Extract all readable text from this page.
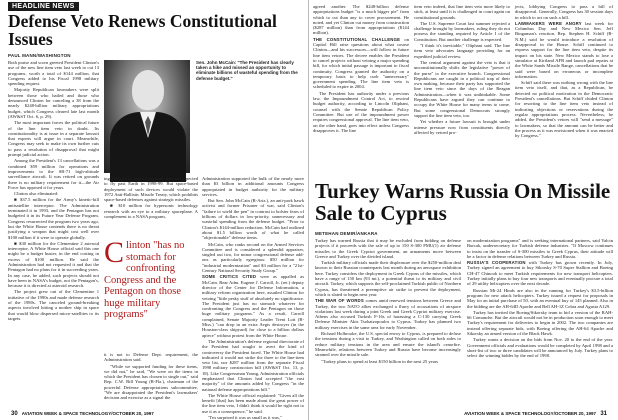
HEADLINE NEWS
Defense Veto Renews Constitutional Issues
PAUL MANN/WASHINGTON

Both praise and scorn greeted President Clinton's use of the new line item veto last week to cut 13 programs, worth a total of $144 million, that Congress added to his Fiscal 1998 military spending request.

Majority Republican lawmakers were split between those who hailed and those who denounced Clinton for canceling a 38 from the nearly $248-billion military appropriations budget, which Congress cleared late last month (AW&ST Oct. 6, p. 29).

The most important forces the political future of the line item veto in doubt. Its constitutionality is at issue in a separate lawsuit that experts will argue in court. Meanwhile, Congress may seek to make its own further cuts to pass a resolution of disapproval that might prompt judicial action.

Among the President's 13 cancellations was a combined $59 million for operations and improvements to the SR-71 high-altitude surveillance aircraft. It was retired on grounds there is no military requirement for it—the Air Force has opposed it for years.

Clinton also eliminated:

■ $37.5 million for the Army's kinetic-kill antisatellite interceptor. The Administration terminated it in 1993, and the Pentagon has not budgeted it in its Future Year Defense Program. Congress resurrected the program two years ago, but the White House contends there is no threat justifying a weapon that might cost well over $100 million if it were to operate globally.

■ $30 million for the Clementine 2 asteroid interceptor. A White House official said this one might be a budget buster, in the end costing in excess of $100 million. He said the Administration had not requested it and that the Pentagon had no plans for it in succeeding years. In any case, he added, such projects should not have been in NASA's budget, not the Pentagon's, because it is directed at asteroid research.

The project grew out of the Clementine 1 initiative of the 1990s and made defense research of the 1980s. The canceled ground-breaking aspects involved hitting a mother ship in space that would blow dispersed micro-satellites to its targets.

Sen. John McCain: "The President has clearly taken a hike and missed an opportunity to eliminate billions of wasteful spending from the defense budget."

ing vehicles to impact asteroids that are expected to fly past Earth in 1998-99. But space-based deployment of such devices would violate the 1972 Anti-Ballistic Missile Treaty, which prohibits space-based defenses against strategic missiles.

■ $10 million for hypersonic technology research with an eye to a military spaceplane. A complement to a NASA program,

Clinton "has no stomach for confronting Congress and the Pentagon on those huge military programs"

it is not to Defense Dept. requirement, the Administration said.

"While we supported funding for these items, we did not," he said, "We were on the items in which the President has chosen to single out," said Rep. C.W. Bill Young (R-Fla.), chairman of the powerful Defense appropriations subcommittee, "We are disappointed the President's lawmakers' decision and exercise as a signal the

Administration supported the bulk of the nearly more than $3 billion in additional amounts Congress appropriated in budget authority for the military services.

But Sen. John McCain (R-Ariz.), an anti-pork hawk activist and former Prisoner of war, said Clinton's "failure to wield the pen" in contrast to bolster fears of billions of dollars in low-priority, unnecessary and wasteful spending from the defense budget. "Prior to Clinton's $144-million reduction, McCain had outlined about $1.5 billion worth of what he called "objectionable" defense items.

McCain, who ranks second on the Armed Services Committee and is considered a splendid appraiser, singled out two, for minor congressional defense add-ons as particularly egregious: $50 million for "industrial modernization" and $3 million for a "21st-Century National Security Study Group."

SOME CRITICS CITED were as appalled as McCain. Rear Adm. Eugene J. Carroll, Jr. (ret.) deputy director of the Center for Defense Information, a military reform organization here, assailed Clinton for vetoing "little pesky stuff of absolutely no significance. The President just has no stomach whatever for confronting the Congress and the Pentagon on those huge military programs." As a result, Carroll complained, Senate Majority Leader Trent Lott (R-Miss.) "can drop in an extra Aegis destroyer (in the Houston-class shipyard) for close to a billion dollars apiece" without protest from the White House.

The Administration's defense regional directorate of the President had sought to avert the kind of controversy the President faced. The White House had indicated it would not strike the three to the line-item veto list, nor $287 million from the separate Fiscal 1998 military construction bill (AW&ST Oct. 13, p. 18). Like Congressman Young, Administration officials emphasized that Clinton had accepted "the vast majority" of the amounts added by Congress "in the national defense appropriations bill."

The White House official explained: "Given all the benefit [that] has been made about the great power of the line item veto, I didn't think it would be right not to use it as a consequence," he said.

"I'm surprised it was as small as it was,"

30 AVIATION WEEK & SPACE TECHNOLOGY/OCTOBER 20, 1997

agreed another. The $248-billion defense appropriations budget "is a much bigger pie" from which to cut than any to cover procurement. He noted, and yet Clinton cut money from construction ($287 million) than from appropriations ($144 million).

THE CONSTITUTIONAL CHALLENGE on Capitol Hill raise questions about what course Clinton—and his successors—will follow in future line item vetoes. The decree enables the President to cancel projects without vetoing a major spending bill, for which initial passage is important to fiscal continuity. Congress granted the authority on a temporary basis to help curb "unnecessary" government spending. The line item veto is scheduled to expire in 2004.

The President has authority under a previous law, the Impoundment Control Act, to rescind budget authority, according to Lincoln Oliphant, counsel with the Senate Republican Policy Committee. But use of the impoundment power requires congressional approval. The line item veto, on the other hand, goes into effect unless Congress disapproves it. The line

item veto indeed, that line item veto more likely to stick, at least until it is challenged in court again on constitutional grounds.

The U.S. Supreme Court last summer rejected a challenge brought by lawmakers, ruling they do not possess the standing required by Article I of the Constitution. But another challenge is expected.

"I think it's inevitable," Oliphant said. The line item veto advocates language providing for an expedited judicial review.

The central argument against the veto is that it unconstitutionally shifts the legislative "power of the purse" to the executive branch. Congressional Republicans are caught in a political trap of their own making, because their party has supported the line item veto since the days of the Reagan Administration—when it was unthinkable. Some Republicans have argued they can continue to occupy the White House for many terms to come. But some congressional Democrats strongly support the line item veto, too.

Yet whether a future lawsuit is brought under intense pressure now from constituents directly affected by vetoed pro-

jects, lobbying Congress to pass a bill of disapproval. Generally, Congress has 30 session days in which to act on such a bill.

LAWMAKERS WERE ANGRY last week for Columbus Day and New Mexico Sen. Jeff Bingaman's reaction. Rep. Stephen H. Schiff (R-N.M.) said he would introduce a resolution of disapproval in the House. Schiff continued to express support for the line item veto, despite its impact on his state. New Mexico stands to lose a simulator at Kirtland AFB and launch pad repairs at the White Sands Missile Range, cancellations that he said were based on erroneous or incomplete information.

Schiff said there was nothing wrong with the line item veto itself, and that, as a Republican, he detected no political motivation in the Democratic President's cancellations. But Schiff chided Clinton for resorting to the line item veto instead of indicating objections or reservations during the regular appropriations process. Nevertheless, he added, the President's vetoes will "send a message" to lawmakers, so that the amount can be better and the process as it was envisioned when it was enacted by Congress."

Turkey Warns Russia On Missile Sale to Cyprus
METEHAN DEMIR/ANKARA

Turkey has warned Russia that it may be excluded from bidding on defense projects if it proceeds with the sale of up to 150 S-300 PMU(1) air defense missiles to the Greek Cypriot government, an armaments move between Greece and Turkey over the divided island.

Turkish military officials made their displeasure over the $250-million deal known to their Russian counterparts last month during an aerospace exhibition here. Turkey considers the deployment in Greek Cyprus of the missiles, which have a range of 150 km (93 mi.), a potential threat to its military and civil aircraft. Turkey, which supports the self-proclaimed Turkish public of Northern Cyprus, has threatened a preemptive air strike to prevent the deployment, which is slated to begin next year.

THE WAR OF WORDS comes amid renewed tensions between Greece and Turkey, the two NATO allies exchanged a flurry of accusations of airspace violations last week during a joint Greek and Greek Cypriot military exercise. Athens also accused Turkish F-16s of harassing a C-130 carrying Greek Defense Minister Akis Tsohatzopoulos to Cyprus. Turkey has planned two military exercises in the same area for early November.

Richard Holbrooke, the U.S. special envoy to Cyprus, is prepared to defuse the tensions during a visit to Turkey, and Washington called on both sides to reduce military tensions in the area and ensure the island's ceasefire. Meanwhile, relations between Turkey and Russia have become increasingly strained over the missile sale.

"Turkey plans to spend at least $150 billion in the next 25 years

on modernization programs" and is seeking international partners, said Yalcin Burcak, undersecretary for Turkish defense industries. "If Moscow continues to insist on the transfer of S-300 missiles to Greek Cyprus, their attitude will be a factor in defense relations between Turkey and Russia.

RUSSIA'S COOPERATION with Turkey has grown recently. In July, Turkey signed an agreement to buy Sikorsky S-70 Super Stallion and Boeing CH-47 Chinook to meet Turkish requirements for new transport helicopters. Turkey initially plans to buy four new transports and eventually procure a total of 29 utility helicopters over the next decade.

Russian Mi-24 Hinds are also in the running for Turkey's $3.5-billion program for new attack helicopters. Turkey issued a request for proposals in May for an initial purchase of 50, with an eventual buy of 145 planned. Also in the bidding are the AH-64D Apache and Bell AH-1Z Cobra and Agusta A129.

Turkey has invited the Boeing/Sikorsky team to bid a version of the RAH-66 Comanche. But the aircraft would not be in production soon enough to meet Turkey's requirement for deliveries to begin in 2002. The two companies are instead offering separate bids, with Boeing offering the AH-64 Apache and Sikorsky an armed version of the Black Hawk.

Turkey wants a decision on the bids from Nov. 20 to the end of the year. Government officials and evaluations would be completed by April 1998 and a short-list of two or three candidates will be announced by July. Turkey plans to select the winning bidder by the end of 1998.

AVIATION WEEK & SPACE TECHNOLOGY/OCTOBER 20, 1997 31
